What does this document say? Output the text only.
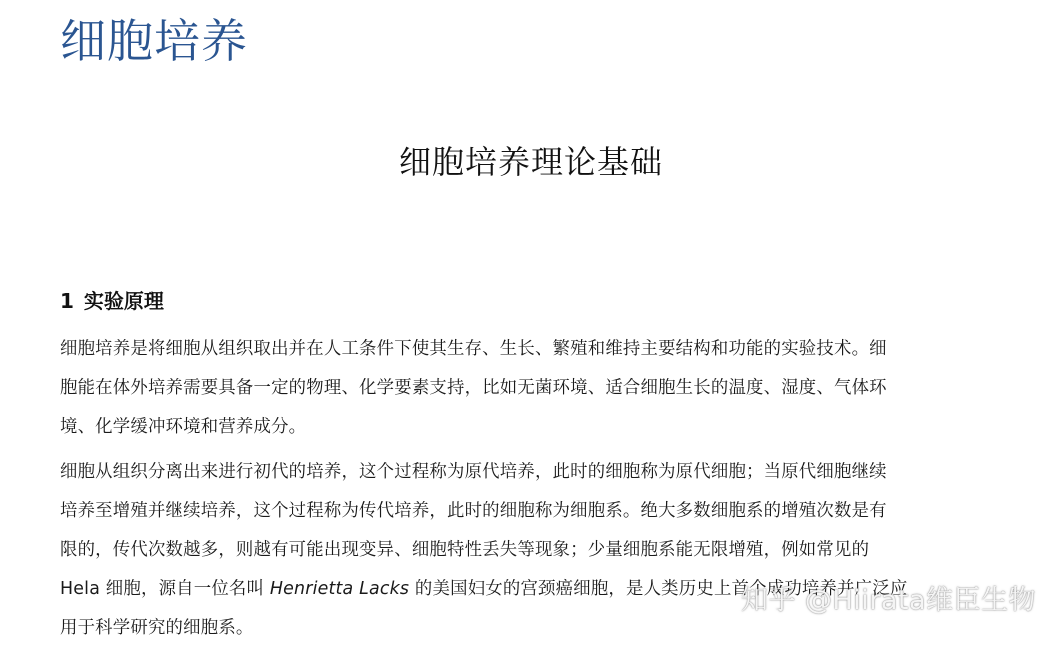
细胞培养
细胞培养理论基础
1 实验原理

细胞培养是将细胞从组织取出并在人工条件下使其生存、生长、繁殖和维持主要结构和功能的实验技术。细
胞能在体外培养需要具备一定的物理、化学要素支持，比如无菌环境、适合细胞生长的温度、湿度、气体环
境、化学缓冲环境和营养成分。

细胞从组织分离出来进行初代的培养，这个过程称为原代培养，此时的细胞称为原代细胞；当原代细胞继续
培养至增殖并继续培养，这个过程称为传代培养，此时的细胞称为细胞系。绝大多数细胞系的增殖次数是有
限的，传代次数越多，则越有可能出现变异、细胞特性丢失等现象；少量细胞系能无限增殖，例如常见的
Hela 细胞，源自一位名叫 Henrietta Lacks 的美国妇女的宫颈癌细胞，是人类历史上首个成功培养并广泛应
用于科学研究的细胞系。

知乎 @Hiirata维臣生物
